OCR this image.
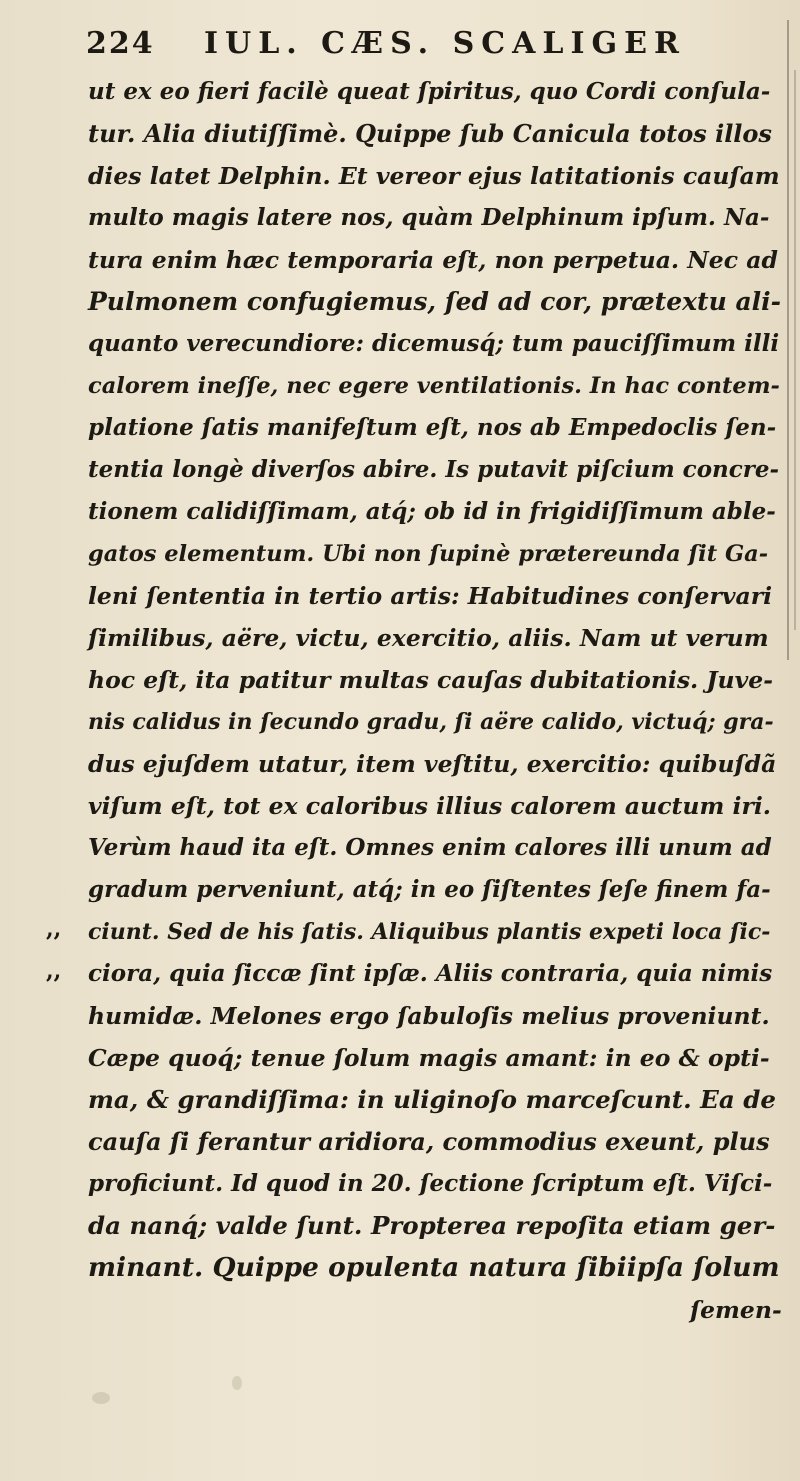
224 IUL. CÆS. SCALIGER
ut ex eo fieri facilè queat ſpiritus, quo Cordi conſula-
tur. Alia diutiſſimè. Quippe ſub Canicula totos illos
dies latet Delphin. Et vereor ejus latitationis cauſam
multo magis latere nos, quàm Delphinum ipſum. Na-
tura enim hæc temporaria eſt, non perpetua. Nec ad
Pulmonem confugiemus, ſed ad cor, prætextu ali-
quanto verecundiore: dicemusq́; tum pauciſſimum illi
calorem ineſſe, nec egere ventilationis. In hac contem-
platione ſatis manifeſtum eſt, nos ab Empedoclis ſen-
tentia longè diverſos abire. Is putavit piſcium concre-
tionem calidiſſimam, atq́; ob id in frigidiſſimum able-
gatos elementum. Ubi non ſupinè prætereunda ſit Ga-
leni ſententia in tertio artis: Habitudines conſervari
ſimilibus, aëre, victu, exercitio, aliis. Nam ut verum
hoc eſt, ita patitur multas cauſas dubitationis. Juve-
nis calidus in ſecundo gradu, ſi aëre calido, victuq́; gra-
dus ejuſdem utatur, item veſtitu, exercitio: quibuſdã
viſum eſt, tot ex caloribus illius calorem auctum iri.
Verùm haud ita eſt. Omnes enim calores illi unum ad
gradum perveniunt, atq́; in eo ſiſtentes ſeſe finem fa-
,, ciunt. Sed de his ſatis. Aliquibus plantis expeti loca ſic-
,, ciora, quia ſiccæ ſint ipſæ. Aliis contraria, quia nimis
humidæ. Melones ergo ſabuloſis melius proveniunt.
Cæpe quoq́; tenue ſolum magis amant: in eo & opti-
ma, & grandiſſima: in uliginoſo marceſcunt. Ea de
cauſa ſi ferantur aridiora, commodius exeunt, plus
proficiunt. Id quod in 20. ſectione ſcriptum eſt. Viſci-
da nanq́; valde ſunt. Propterea repoſita etiam ger-
minant. Quippe opulenta natura ſibiipſa ſolum
ſemen-
